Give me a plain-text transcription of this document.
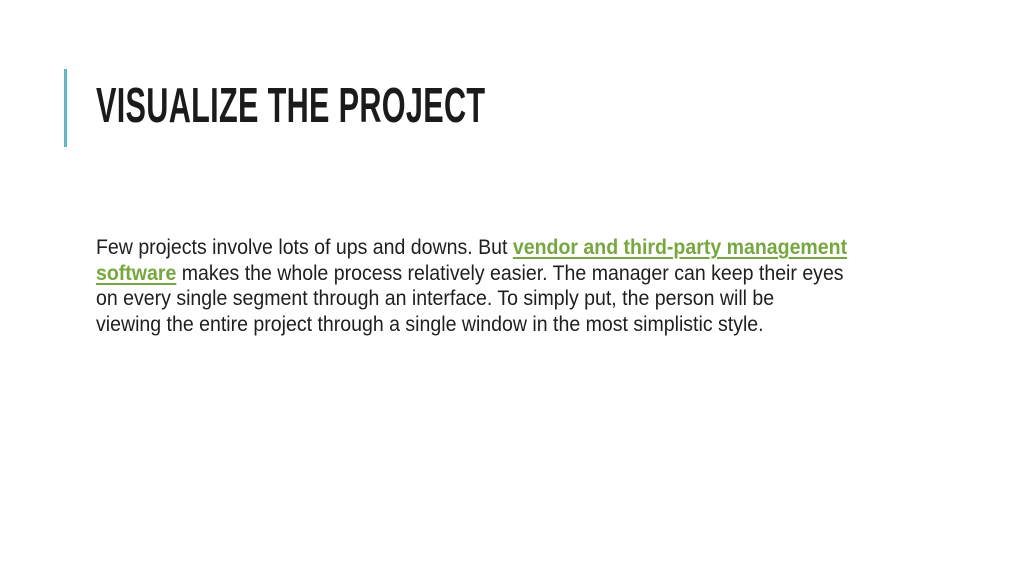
VISUALIZE THE PROJECT
Few projects involve lots of ups and downs. But vendor and third-party management
software makes the whole process relatively easier. The manager can keep their eyes
on every single segment through an interface. To simply put, the person will be
viewing the entire project through a single window in the most simplistic style.
